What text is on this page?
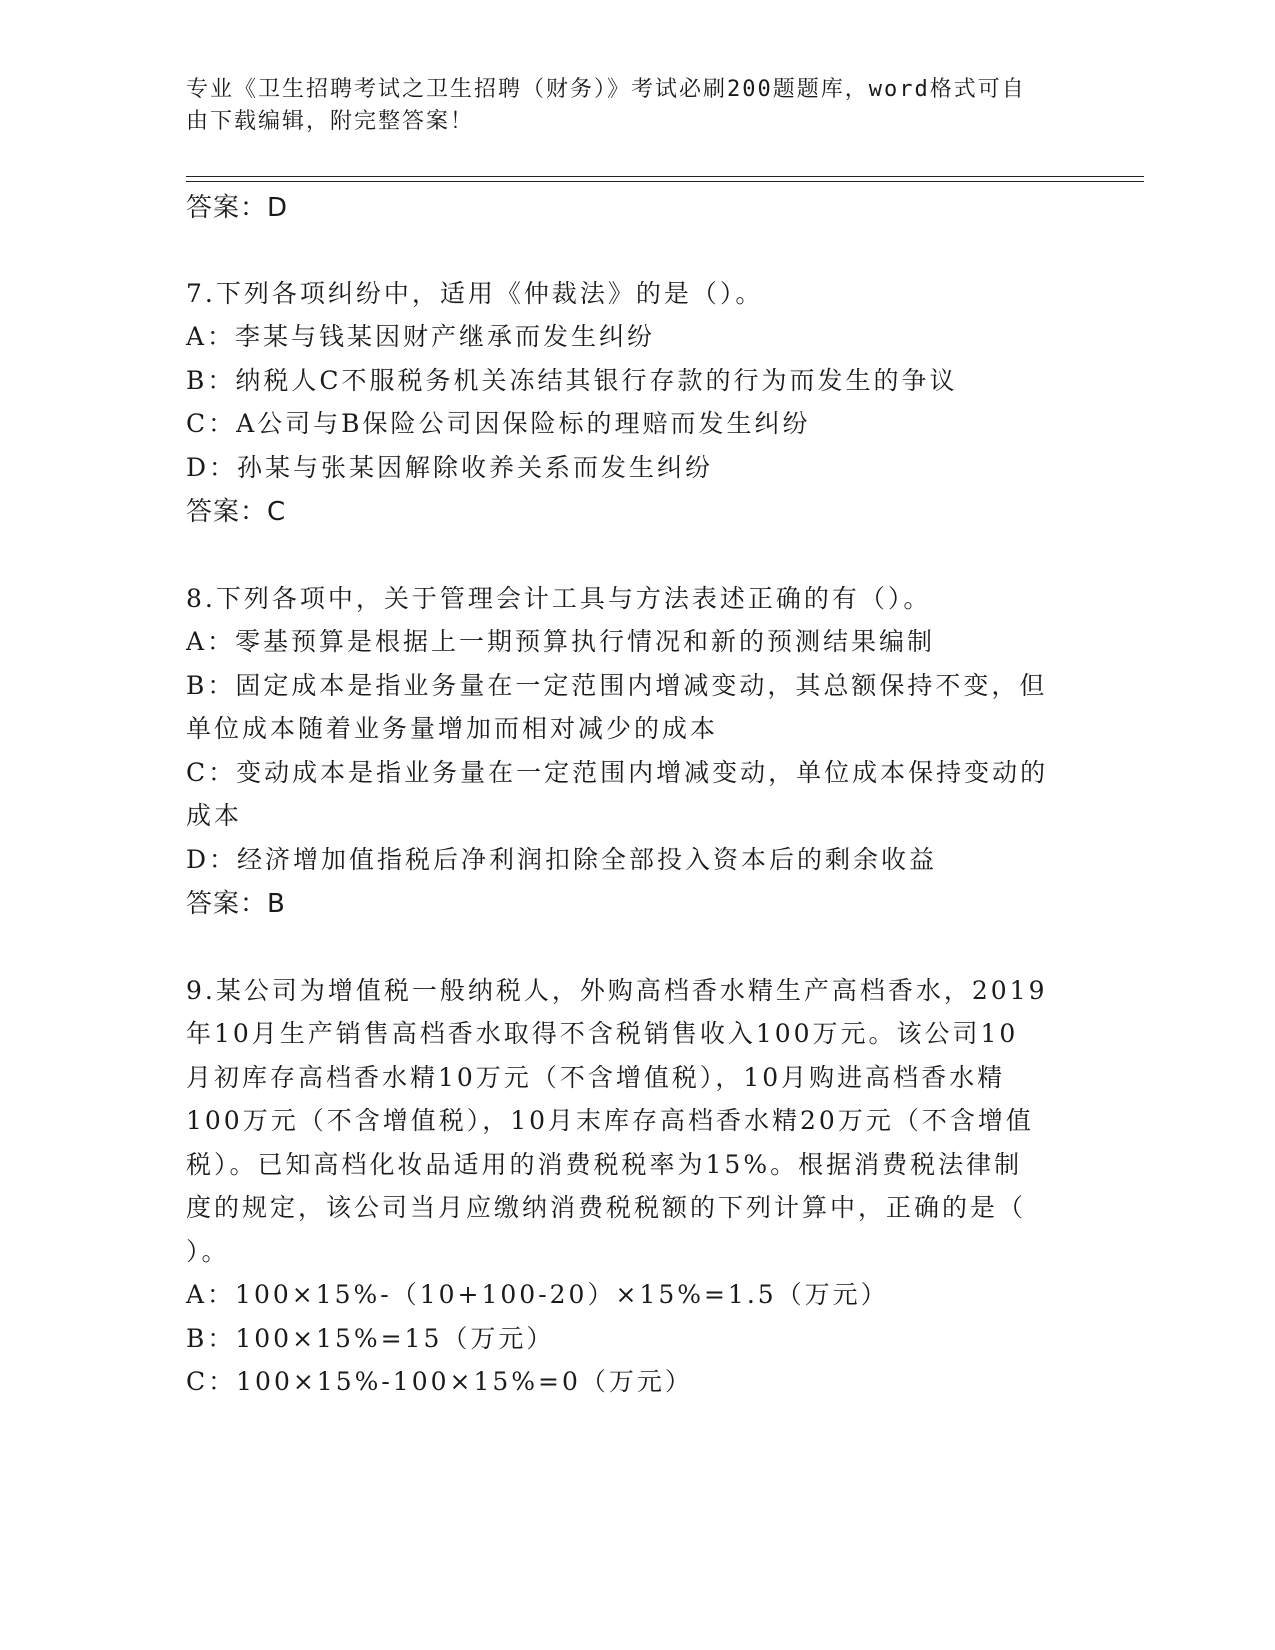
专业《卫生招聘考试之卫生招聘（财务）》考试必刷200题题库，word格式可自
由下载编辑，附完整答案！
答案：D
7.下列各项纠纷中，适用《仲裁法》的是（）。
A：李某与钱某因财产继承而发生纠纷
B：纳税人C不服税务机关冻结其银行存款的行为而发生的争议
C：A公司与B保险公司因保险标的理赔而发生纠纷
D：孙某与张某因解除收养关系而发生纠纷
答案：C
8.下列各项中，关于管理会计工具与方法表述正确的有（）。
A：零基预算是根据上一期预算执行情况和新的预测结果编制
B：固定成本是指业务量在一定范围内增减变动，其总额保持不变，但
单位成本随着业务量增加而相对减少的成本
C：变动成本是指业务量在一定范围内增减变动，单位成本保持变动的
成本
D：经济增加值指税后净利润扣除全部投入资本后的剩余收益
答案：B
9.某公司为增值税一般纳税人，外购高档香水精生产高档香水，2019
年10月生产销售高档香水取得不含税销售收入100万元。该公司10
月初库存高档香水精10万元（不含增值税），10月购进高档香水精
100万元（不含增值税），10月末库存高档香水精20万元（不含增值
税）。已知高档化妆品适用的消费税税率为15%。根据消费税法律制
度的规定，该公司当月应缴纳消费税税额的下列计算中，正确的是（
）。
A：100×15%-（10+100-20）×15%=1.5（万元）
B：100×15%=15（万元）
C：100×15%-100×15%=0（万元）
